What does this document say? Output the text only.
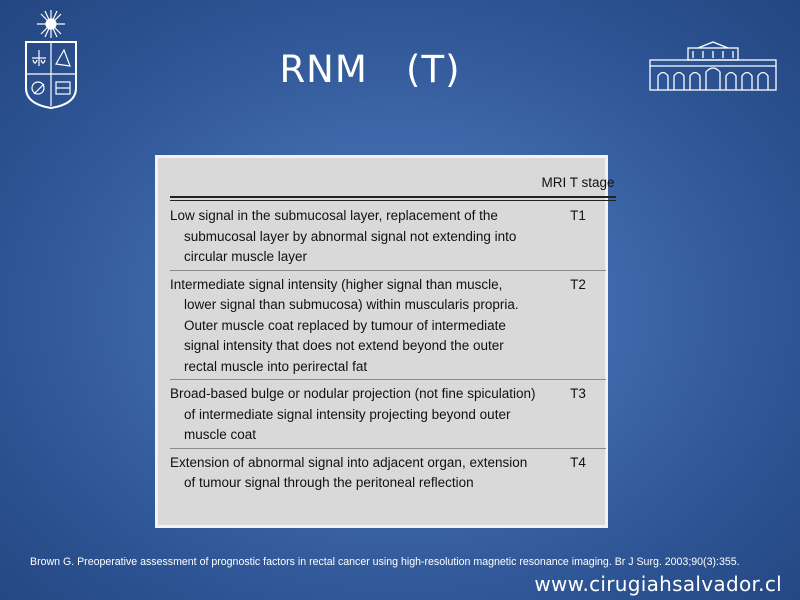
RNM   (T)
MRI T stage
Low signal in the submucosal layer, replacement of the submucosal layer by abnormal signal not extending into circular muscle layer
T1
Intermediate signal intensity (higher signal than muscle, lower signal than submucosa) within muscularis propria. Outer muscle coat replaced by tumour of intermediate signal intensity that does not extend beyond the outer rectal muscle into perirectal fat
T2
Broad-based bulge or nodular projection (not fine spiculation) of intermediate signal intensity projecting beyond outer muscle coat
T3
Extension of abnormal signal into adjacent organ, extension of tumour signal through the peritoneal reflection
T4
Brown G. Preoperative assessment of prognostic factors in rectal cancer using high-resolution magnetic resonance imaging. Br J Surg. 2003;90(3):355.
www.cirugiahsalvador.cl
